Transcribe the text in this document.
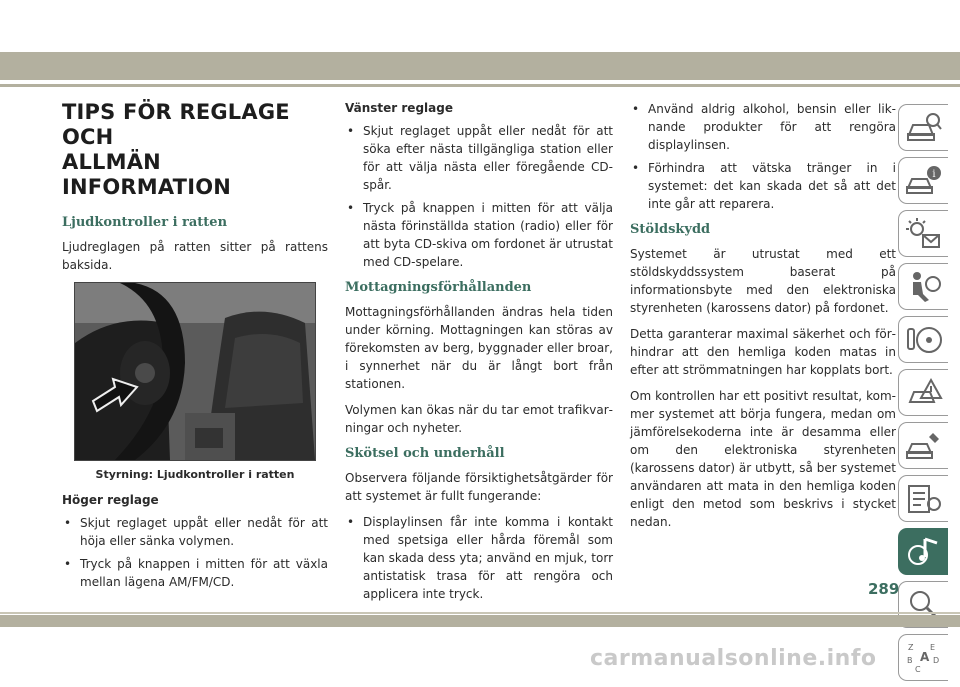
TIPS FÖR REGLAGE OCH
ALLMÄN INFORMATION
Ljudkontroller i ratten

Ljudreglagen på ratten sitter på rattens baksida.

Styrning: Ljudkontroller i ratten
Höger reglage
• Skjut reglaget uppåt eller nedåt för att höja eller sänka volymen.
• Tryck på knappen i mitten för att växla mellan lägena AM/FM/CD.
Vänster reglage
• Skjut reglaget uppåt eller nedåt för att söka efter nästa tillgängliga station eller för att välja nästa eller föregående CD-spår.
• Tryck på knappen i mitten för att välja nästa förinställda station (radio) eller för att byta CD-skiva om fordonet är utrustat med CD-spelare.
Mottagningsförhållanden

Mottagningsförhållanden ändras hela tiden under körning. Mottagningen kan störas av förekomsten av berg, byggnader eller broar, i synnerhet när du är långt bort från stationen.

Volymen kan ökas när du tar emot trafikvarningar och nyheter.

Skötsel och underhåll

Observera följande försiktighetsåtgärder för att systemet är fullt fungerande:

• Displaylinsen får inte komma i kontakt med spetsiga eller hårda föremål som kan skada dess yta; använd en mjuk, torr antistatisk trasa för att rengöra och applicera inte tryck.
• Använd aldrig alkohol, bensin eller liknande produkter för att rengöra displaylinsen.
• Förhindra att vätska tränger in i systemet: det kan skada det så att det inte går att reparera.
Stöldskydd

Systemet är utrustat med ett stöldskyddssystem baserat på informationsbyte med den elektroniska styrenheten (karossens dator) på fordonet.

Detta garanterar maximal säkerhet och förhindrar att den hemliga koden matas in efter att strömmatningen har kopplats bort.

Om kontrollen har ett positivt resultat, kommer systemet att börja fungera, medan om jämförelsekoderna inte är desamma eller om den elektroniska styrenheten (karossens dator) är utbytt, så ber systemet användaren att mata in den hemliga koden enligt den metod som beskrivs i stycket nedan.

i
Z E
B A D
C
289
carmanualsonline.info
